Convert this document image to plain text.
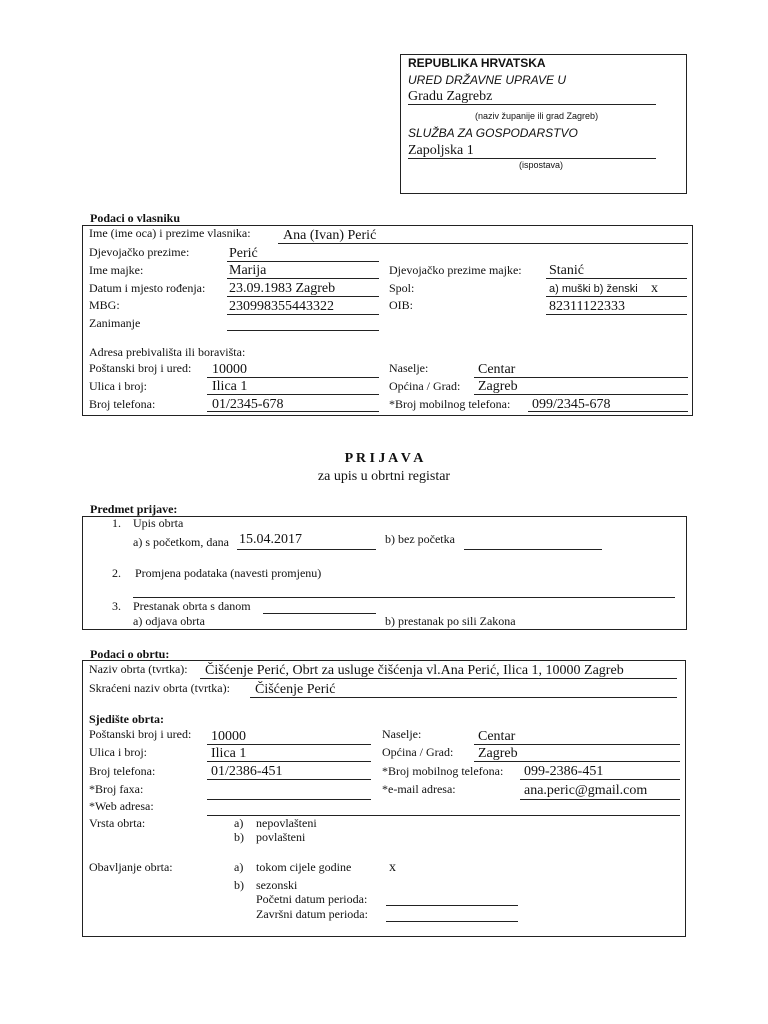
REPUBLIKA HRVATSKA
URED DRŽAVNE UPRAVE U
Gradu Zagrebz
(naziv županije ili grad Zagreb)
SLUŽBA ZA GOSPODARSTVO
Zapoljska 1
(ispostava)
Podaci o vlasniku
Ime (ime oca) i prezime vlasnika: Ana (Ivan) Perić
Djevojačko prezime:	Perić
Ime majke:	Marija	Djevojačko prezime majke: Stanić
Datum i mjesto rođenja: 23.09.1983 Zagreb	Spol:	a) muški b) ženski x
MBG:	230998355443322	OIB:	82311122333
Zanimanje
Adresa prebivališta ili boravišta:
Poštanski broj i ured: 10000	Naselje:	Centar
Ulica i broj:	Ilica 1	Općina / Grad: Zagreb
Broj telefona:	01/2345-678	*Broj mobilnog telefona: 099/2345-678
P R I J A V A
za upis u obrtni registar
Predmet prijave:
1. Upis obrta
a) s početkom, dana 15.04.2017	b) bez početka
2. Promjena podataka (navesti promjenu)
3. Prestanak obrta s danom
a) odjava obrta	b) prestanak po sili Zakona
Podaci o obrtu:
Naziv obrta (tvrtka): Čišćenje Perić, Obrt za usluge čišćenja vl.Ana Perić, Ilica 1, 10000 Zagreb
Skraćeni naziv obrta (tvrtka): Čišćenje Perić
Sjedište obrta:
Poštanski broj i ured: 10000	Naselje:	Centar
Ulica i broj:	Ilica 1	Općina / Grad: Zagreb
Broj telefona:	01/2386-451	*Broj mobilnog telefona: 099-2386-451
*Broj faxa:	*e-mail adresa:	ana.peric@gmail.com
*Web adresa:
Vrsta obrta:	a) nepovlašteni
b) povlašteni
Obavljanje obrta:	a) tokom cijele godine	x
b) sezonski
Početni datum perioda:
Završni datum perioda:
